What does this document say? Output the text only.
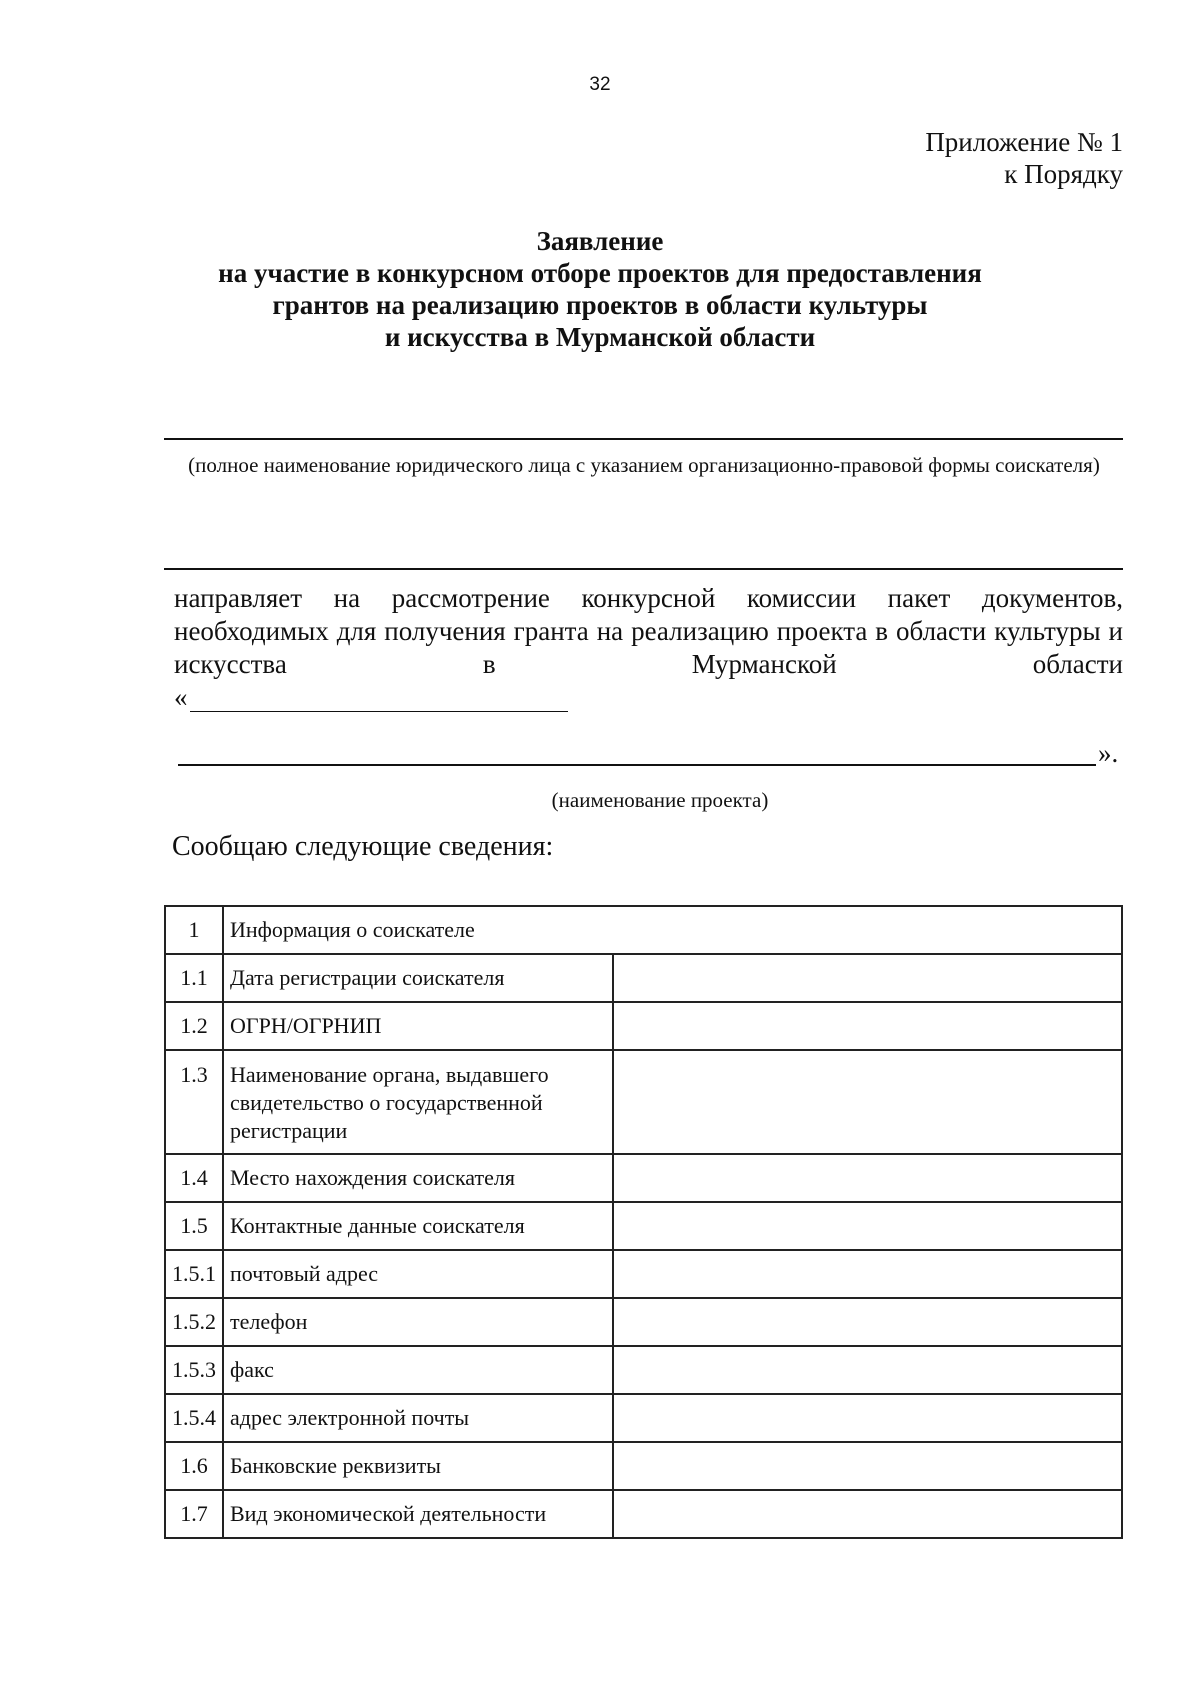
32
Приложение № 1
к Порядку
Заявление
на участие в конкурсном отборе проектов для предоставления
грантов на реализацию проектов в области культуры
и искусства в Мурманской области
(полное наименование юридического лица с указанием организационно-правовой формы соискателя)
направляет на рассмотрение конкурсной комиссии пакет документов, необходимых для получения гранта на реализацию проекта в области культуры и искусства в Мурманской области
«
».
(наименование проекта)
Сообщаю следующие сведения:
1	Информация о соискателе	
1.1	Дата регистрации соискателя	
1.2	ОГРН/ОГРНИП	
1.3	Наименование органа, выдавшего свидетельство о государственной регистрации	
1.4	Место нахождения соискателя	
1.5	Контактные данные соискателя	
1.5.1	почтовый адрес	
1.5.2	телефон	
1.5.3	факс	
1.5.4	адрес электронной почты	
1.6	Банковские реквизиты	
1.7	Вид экономической деятельности	
